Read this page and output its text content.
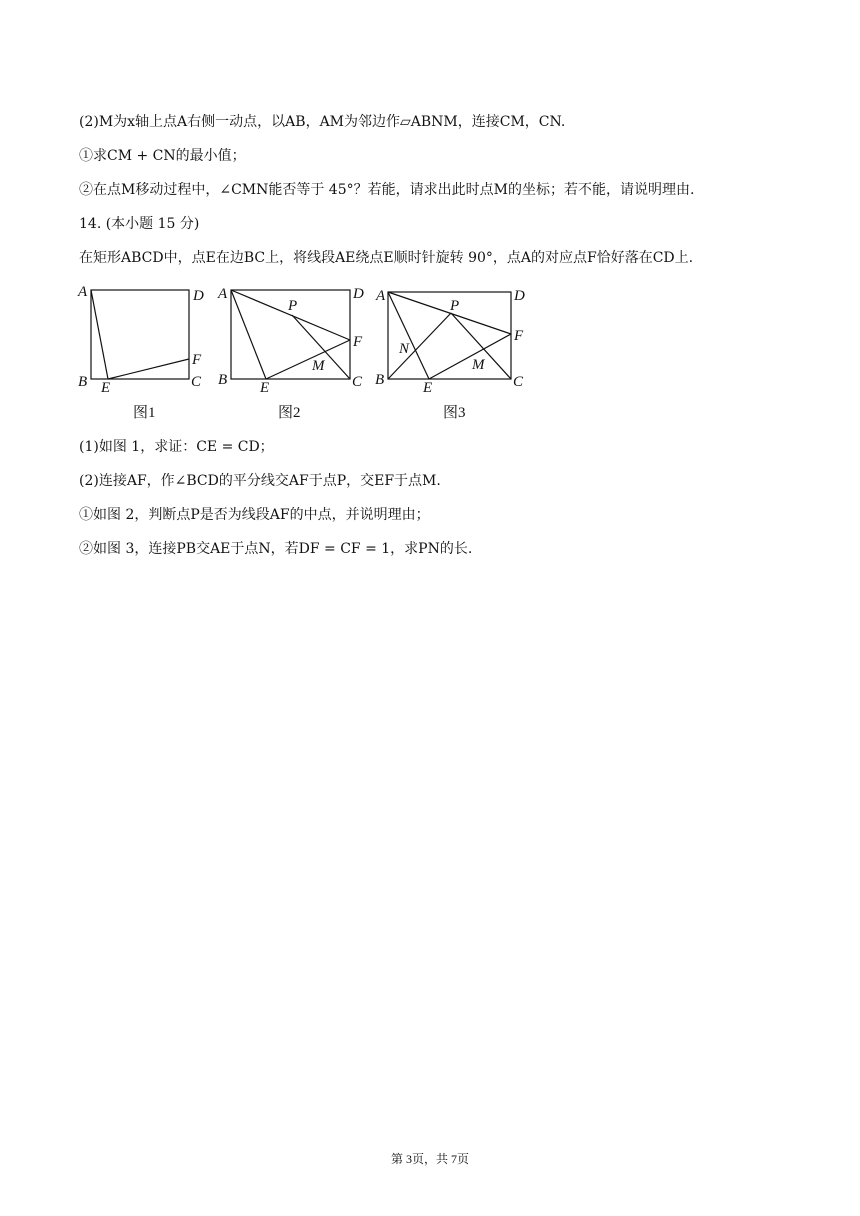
(2)M为x轴上点A右侧一动点，以AB，AM为邻边作▱ABNM，连接CM，CN.
①求CM + CN的最小值；
②在点M移动过程中，∠CMN能否等于 45°？若能，请求出此时点M的坐标；若不能，请说明理由.
14. (本小题 15 分)
在矩形ABCD中，点E在边BC上，将线段AE绕点E顺时针旋转 90°，点A的对应点F恰好落在CD上.
A	D
B E	C
F
图1
A	D
B E	C
F
P
M
图2
A	D
B	E	C
F
P
M
N
图3
(1)如图 1，求证：CE = CD；
(2)连接AF，作∠BCD的平分线交AF于点P，交EF于点M.
①如图 2，判断点P是否为线段AF的中点，并说明理由；
②如图 3，连接PB交AE于点N，若DF = CF = 1，求PN的长.
第 3页，共 7页
